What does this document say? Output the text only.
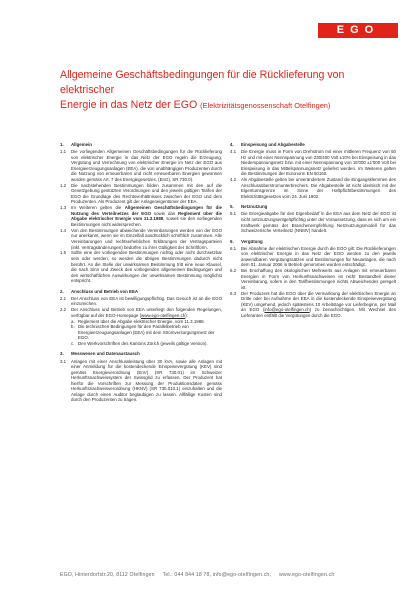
EGO
Allgemeine Geschäftsbedingungen für die Rücklieferung von elektrischer
Energie in das Netz der EGO (Elektrizitätsgenossenschaft Otelfingen)
1.	Allgemein
1.1	Die vorliegenden Allgemeinen Geschäftsbedingungen für die Rücklieferung von elektrischer Energie in das Netz der EGO regeln die Erzeugung, Vergütung und Verrechnung von elektrischer Energie im Netz der EGO aus Energieerzeugungsanlagen (EEA), die von unabhängigen Produzenten durch die Nutzung von erneuerbaren und nicht erneuerbaren Energien gewonnen wurden gemäss Art. 7 des Energiegesetzes, (EnG), SR 730.0).
1.2	Die nachstehenden Bestimmungen bilden zusammen mit den auf die Gesetzgebung gestützten Verordnungen und den jeweils gültigen Tarifen der EGO die Grundlage des Rechtsverhältnisses zwischen der EGO und dem Produzenten. Als Produzent gilt der Anlageneigentümer der EEA.
1.3	Im Weiteren gelten die Allgemeinen Geschäftsbedingungen für die Nutzung des Verteilnetzes der EGO sowie das Reglement über die Abgabe elektrischer Energie vom 11.3.1988, soweit sie den vorliegenden Bestimmungen nicht widersprechen.
1.4	Von den Bestimmungen abweichende Vereinbarungen werden von der EGO nur anerkannt, wenn sie im Einzelfall ausdrücklich schriftlich zusammen. Alle Vereinbarungen und rechtserheblichen Erklärungen der Vertragsparteien (inkl. Vertragsänderungen) bedürfen zu ihrer Gültigkeit der Schriftform.
1.5	Sollte eine der vorliegenden Bestimmungen nichtig oder nicht durchsetzbar sein oder werden, so werden die übrigen Bestimmungen dadurch nicht berührt. An die Stelle der unwirksamen Bestimmung tritt eine neue Klausel, die nach Sinn und Zweck den vorliegenden allgemeinen Bedingungen und den wirtschaftlichen Auswirkungen der unwirksamen Bestimmung möglichst entspricht.
2.	Anschluss und Betrieb von EEA
2.1	Der Anschluss von EEA ist bewilligungspflichtig. Das Gesuch ist an die EGO einzureichen.
2.2	Der Anschluss und Betrieb von EEA unterliegt den folgenden Regelungen, verfügbar auf der EGO-Homepage (www.ego-otelfingen.ch):
a. Reglement über die Abgabe elektrischer Energie, vom 11.3.1988.
b. Die technischen Bedingungen für den Parallelbetrieb von Energieerzeugungsanlagen (EEA) mit dem Stromversorgungsnetz der EGO.
c. Den Werkvorschriften des Kantons Zürich (jeweils gültige Version).
3.	Messwesen und Datenaustausch
3.1	Anlagen mit einer Anschlussleistung über 30 kVA, sowie alle Anlagen mit einer Anmeldung für die kostendeckende Einspeisevergütung (KEV) sind gemäss Energieverordnung (EnV) (SR 730.01) im Schweizer Herkunftsnachweissystem der Swissgrid zu erfassen. Der Produzent hat hierfür die Vorschriften zur Messung der Produktionsdaten gemäss Herkunftsnachweisverordnung (HKNV) (SR 730.010.1) einzuhalten und die Anlage durch einen Auditor beglaubigen zu lassen. Allfällige Kosten sind durch den Produzenten zu tragen.
4.	Einspeisung und Abgabestelle
4.1	Die Energie muss in Form von Drehstrom mit einer mittleren Frequenz von 50 Hz und mit einer Nennspannung von 230/400 Volt ±10% bei Einspeisung in das Niederspannungsnetz bzw. mit einer Nennspannung von 16'000 ±1'000 Volt bei Einspeisung in das Mittelspannungsnetz geliefert werden. Im Weiteren gelten die Bestimmungen der Euronorm EN 50160.
4.2	Als Abgabestelle gelten bei unverändertem Zustand die Eingangsklemmen des Anschlussüberstromunterbrechers. Die Abgabestelle ist nicht identisch mit der Eigentumsgrenze im Sinne der Haftpflichtbestimmungen des Elektrizitätsgesetzes vom 24. Juni 1902.
5.	Netznutzung
5.1	Die Energieabgabe für den Eigenbedarf in die EEA aus dem Netz der EGO ist nicht netznutzungsentgeltpflichtig unter der Voraussetzung, dass es sich um ein Kraftwerk gemäss der Branchenempfehlung Netznutzungsmodell für das Schweizerische Verteilnetz (NNMV) handelt.
6.	Vergütung
6.1	Bei Abnahme der elektrischen Energie durch die EGO gilt: Die Rücklieferungen von elektrischer Energie in das Netz der EGO werden zu den jeweils anwendbaren Vergütungssätzen und Bestimmungen für Neuanlagen, die nach dem 01. Januar 2006 in Betrieb genommen wurden entschädigt.
6.2	Bei Erschaffung des ökologischen Mehrwerts aus Anlagen mit erneuerbaren Energien in Form von Herkunftsnachweisen ist nicht Bestandteil dieser Vereinbarung, sofern in den Tarifbestimmungen nichts Abweichendes geregelt ist.
6.3	Der Produzent hat die EGO über die Vermarktung der elektrischen Energie an Dritte oder bei Aufnahme der EEA in die kostendeckende Einspeisevergütung (KEV) umgehend, jedoch spätestens 10 Arbeitstage vor Lieferbeginn, per Mail an EGO (info@ego-otelfingen.ch) zu benachrichtigen. Mit Wechsel des Lieferanten entfällt die Vergütungen durch die EGO.
EGO, Hinterdorfstr.20, 8112 Otelfingen Tel.: 044 844 18 78, info@ego-otelfingen.ch, www.ego-otelfingen.ch
